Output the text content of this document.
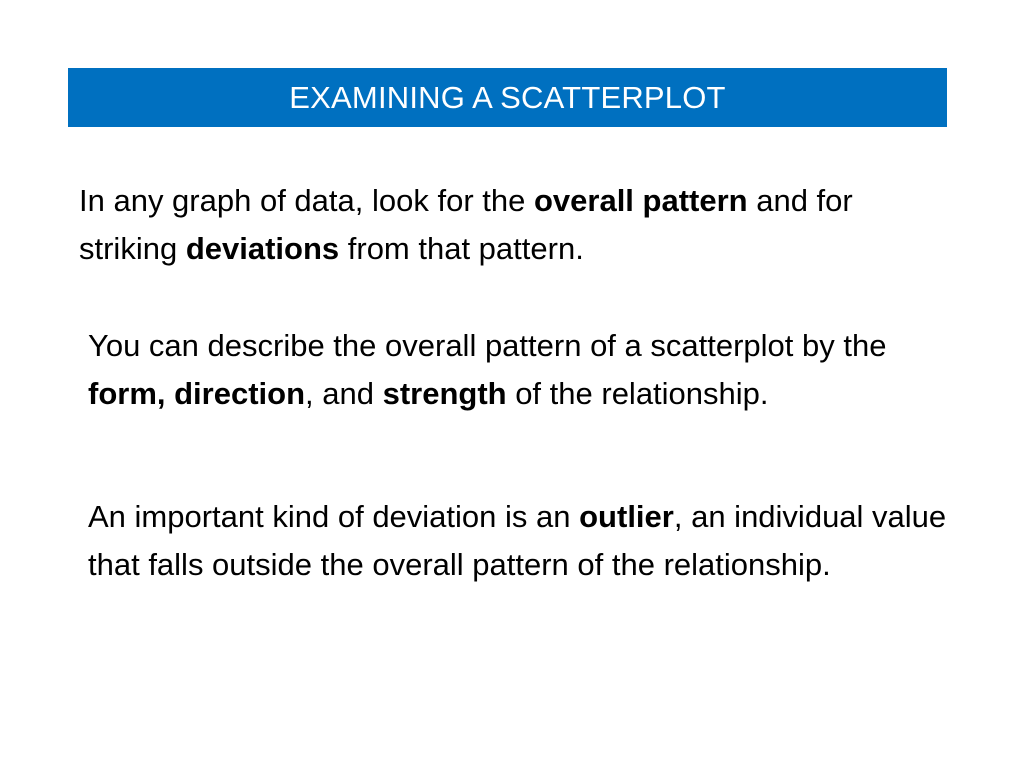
EXAMINING A SCATTERPLOT

In any graph of data, look for the overall pattern and for striking deviations from that pattern.

You can describe the overall pattern of a scatterplot by the form, direction, and strength of the relationship.

An important kind of deviation is an outlier, an individual value that falls outside the overall pattern of the relationship.
